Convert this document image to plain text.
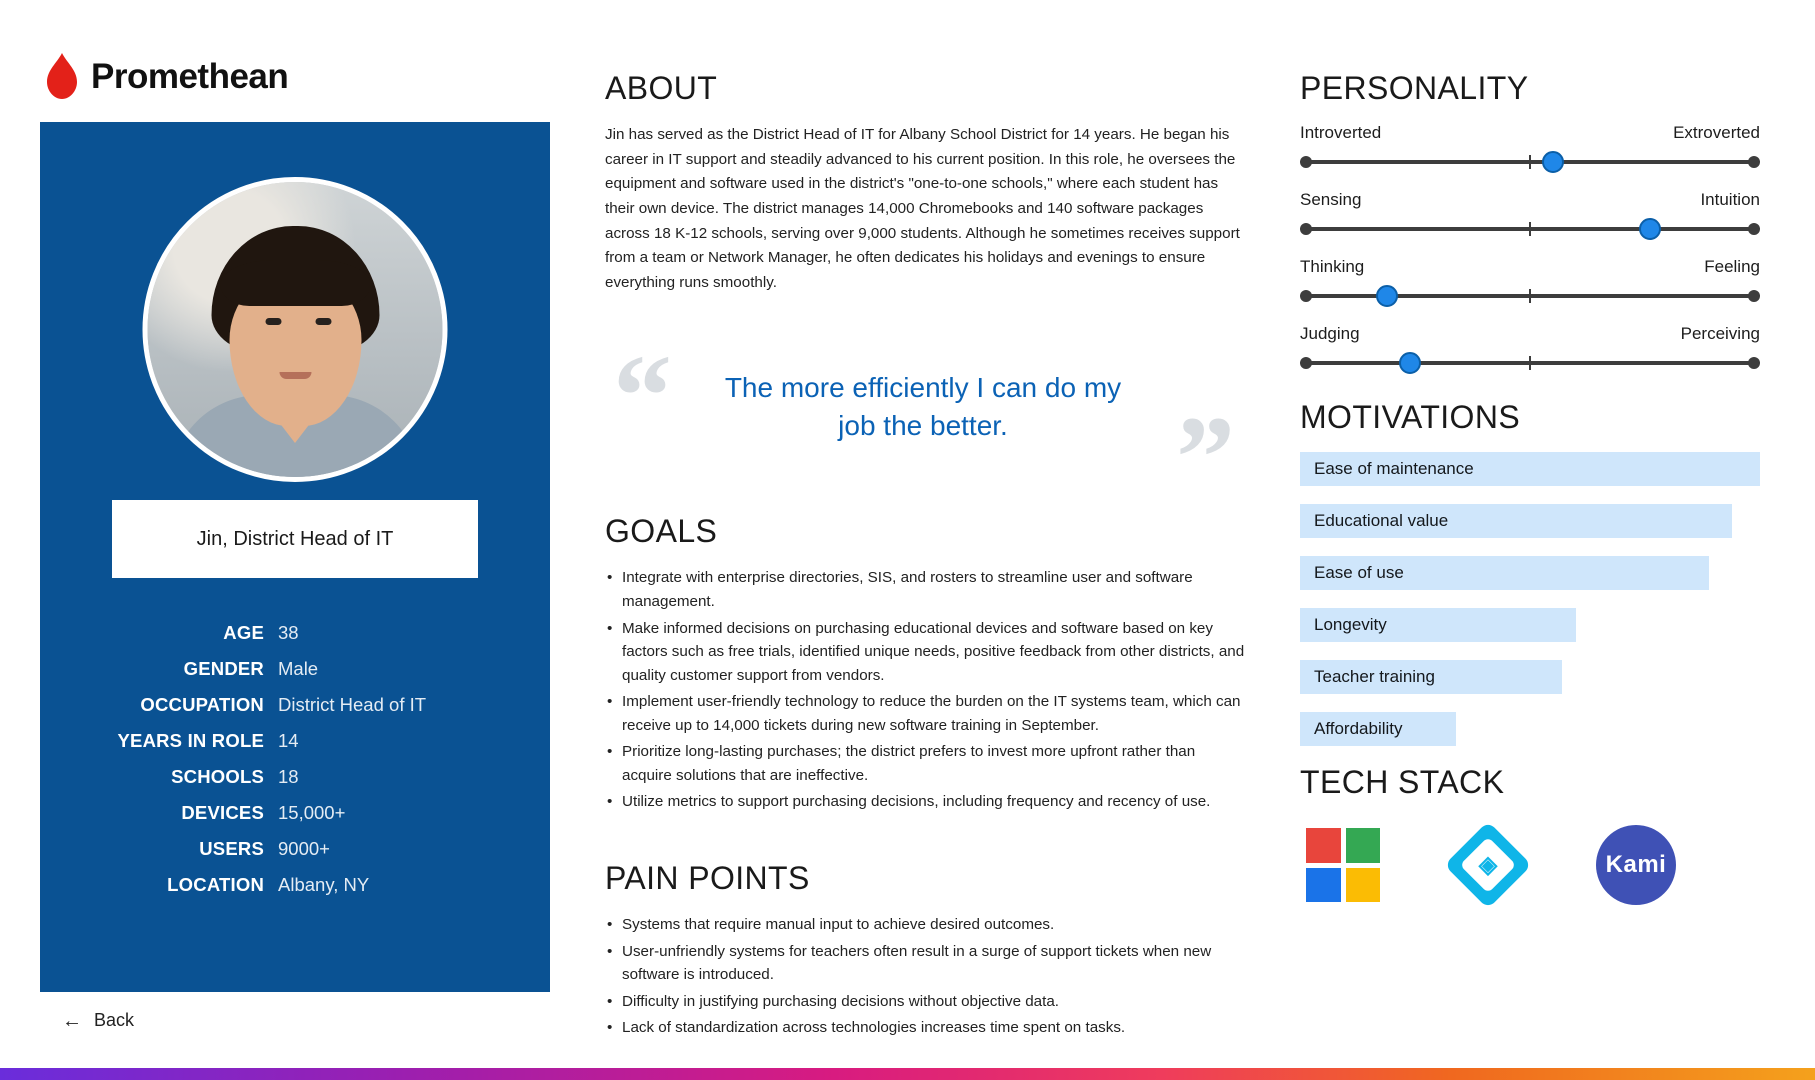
Promethean
Jin, District Head of IT
AGE 38
GENDER Male
OCCUPATION District Head of IT
YEARS IN ROLE 14
SCHOOLS 18
DEVICES 15,000+
USERS 9000+
LOCATION Albany, NY
← Back
ABOUT

Jin has served as the District Head of IT for Albany School District for 14 years. He began his career in IT support and steadily advanced to his current position. In this role, he oversees the equipment and software used in the district's "one-to-one schools," where each student has their own device. The district manages 14,000 Chromebooks and 140 software packages across 18 K-12 schools, serving over 9,000 students. Although he sometimes receives support from a team or Network Manager, he often dedicates his holidays and evenings to ensure everything runs smoothly.

“	The more efficiently I can do my job the better.	”
GOALS
• Integrate with enterprise directories, SIS, and rosters to streamline user and software management.
• Make informed decisions on purchasing educational devices and software based on key factors such as free trials, identified unique needs, positive feedback from other districts, and quality customer support from vendors.
• Implement user-friendly technology to reduce the burden on the IT systems team, which can receive up to 14,000 tickets during new software training in September.
• Prioritize long-lasting purchases; the district prefers to invest more upfront rather than acquire solutions that are ineffective.
• Utilize metrics to support purchasing decisions, including frequency and recency of use.
PAIN POINTS
• Systems that require manual input to achieve desired outcomes.
• User-unfriendly systems for teachers often result in a surge of support tickets when new software is introduced.
• Difficulty in justifying purchasing decisions without objective data.
• Lack of standardization across technologies increases time spent on tasks.
PERSONALITY
Introverted	Extroverted
Sensing	Intuition
Thinking	Feeling
Judging	Perceiving
MOTIVATIONS
Ease of maintenance
Educational value
Ease of use
Longevity
Teacher training
Affordability
TECH STACK
◈	Kami
